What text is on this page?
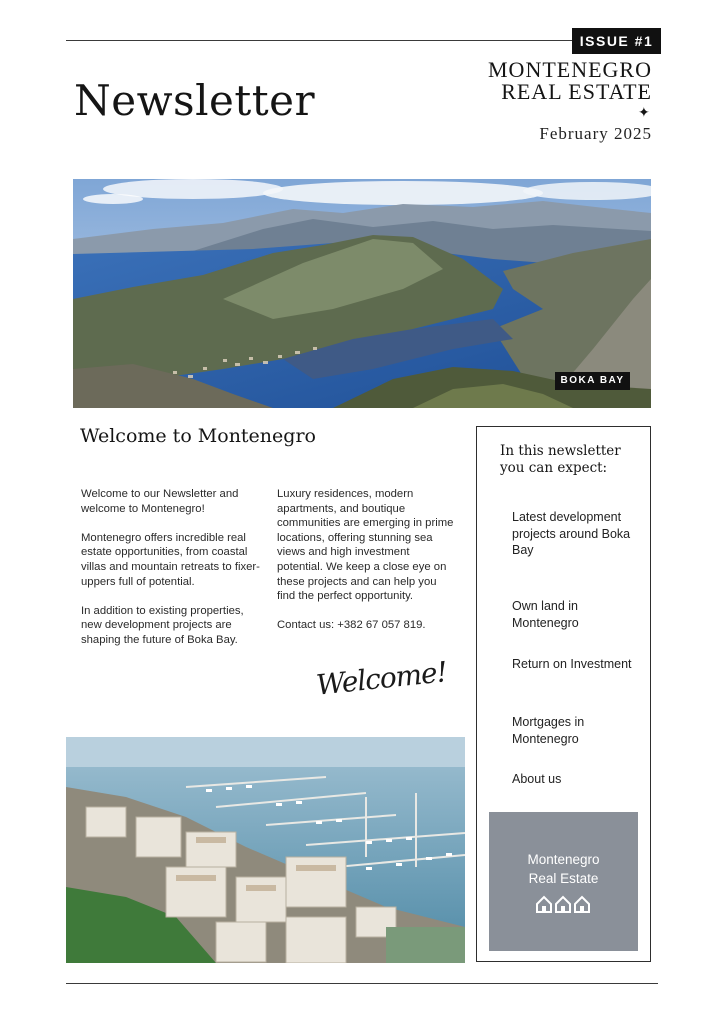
ISSUE #1
Newsletter
MONTENEGRO
REAL ESTATE
✦
February 2025
BOKA BAY
Welcome to Montenegro

Welcome to our Newsletter and welcome to Montenegro!

Montenegro offers incredible real estate opportunities, from coastal villas and mountain retreats to fixer-uppers full of potential.

In addition to existing properties, new development projects are shaping the future of Boka Bay.

Luxury residences, modern apartments, and boutique communities are emerging in prime locations, offering stunning sea views and high investment potential. We keep a close eye on these projects and can help you find the perfect opportunity.

Contact us: +382 67 057 819.

Welcome!
In this newsletter you can expect:
Latest development projects around Boka Bay
Own land in Montenegro
Return on Investment
Mortgages in Montenegro
About us
Montenegro
Real Estate
